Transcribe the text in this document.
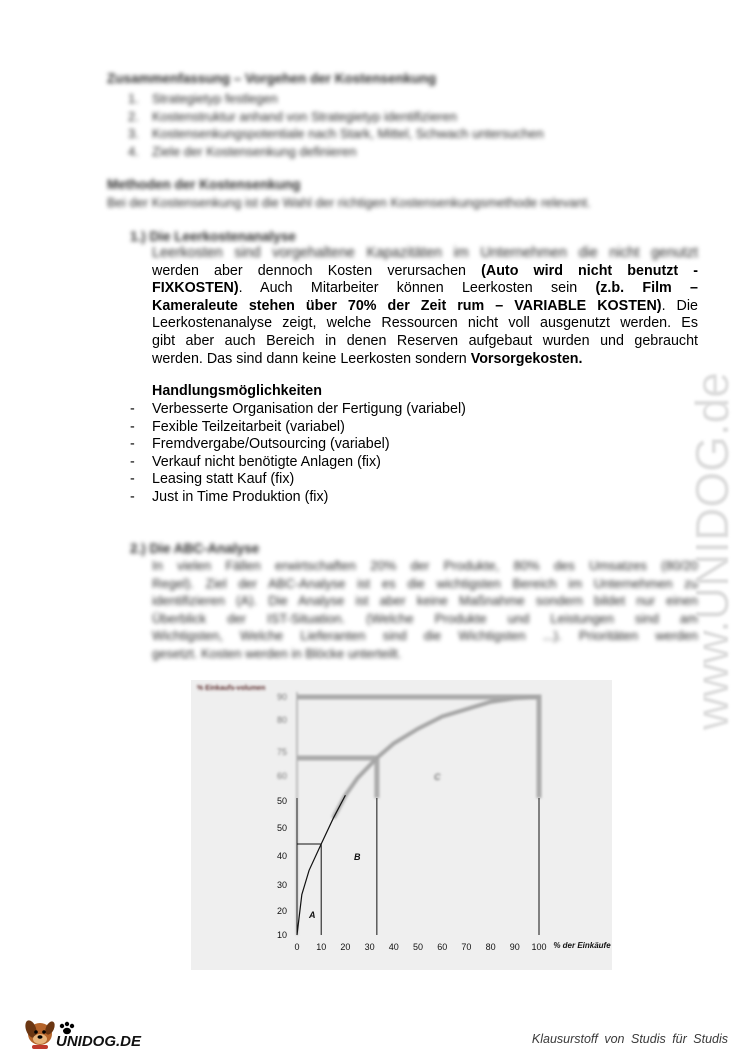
Zusammenfassung – Vorgehen der Kostensenkung
1. Strategietyp festlegen
2. Kostenstruktur anhand von Strategietyp identifizieren
3. Kostensenkungspotentiale nach Stark, Mittel, Schwach untersuchen
4. Ziele der Kostensenkung definieren
Methoden der Kostensenkung
Bei der Kostensenkung ist die Wahl der richtigen Kostensenkungsmethode relevant.
1.) Die Leerkostenanalyse
Leerkosten sind vorgehaltene Kapazitäten im Unternehmen die nicht genutzt
werden aber dennoch Kosten verursachen (Auto wird nicht benutzt -
FIXKOSTEN). Auch Mitarbeiter können Leerkosten sein (z.b. Film –
Kameraleute stehen über 70% der Zeit rum – VARIABLE KOSTEN). Die
Leerkostenanalyse zeigt, welche Ressourcen nicht voll ausgenutzt werden. Es
gibt aber auch Bereich in denen Reserven aufgebaut wurden und gebraucht
werden. Das sind dann keine Leerkosten sondern Vorsorgekosten.
Handlungsmöglichkeiten
- Verbesserte Organisation der Fertigung (variabel)
- Fexible Teilzeitarbeit (variabel)
- Fremdvergabe/Outsourcing (variabel)
- Verkauf nicht benötigte Anlagen (fix)
- Leasing statt Kauf (fix)
- Just in Time Produktion (fix)
2.) Die ABC-Analyse
In vielen Fällen erwirtschaften 20% der Produkte, 80% des Umsatzes (80/20
Regel). Ziel der ABC-Analyse ist es die wichtigsten Bereich im Unternehmen zu
identifizieren (A). Die Analyse ist aber keine Maßnahme sondern bildet nur einen
Überblick der IST-Situation. (Welche Produkte und Leistungen sind am
Wichtigsten, Welche Lieferanten sind die Wichtigsten ...). Prioritäten werden
gesetzt. Kosten werden in Blöcke unterteilt.
60
75
80
90
% Einkaufs-volumen
C
10
20
30
40
50
50
0 10 20 30 40 50 60 70 80 90 100 % der Einkäufe
A
B
www.UNIDOG.de
UNIDOG.DE	Klausurstoff von Studis für Studis
